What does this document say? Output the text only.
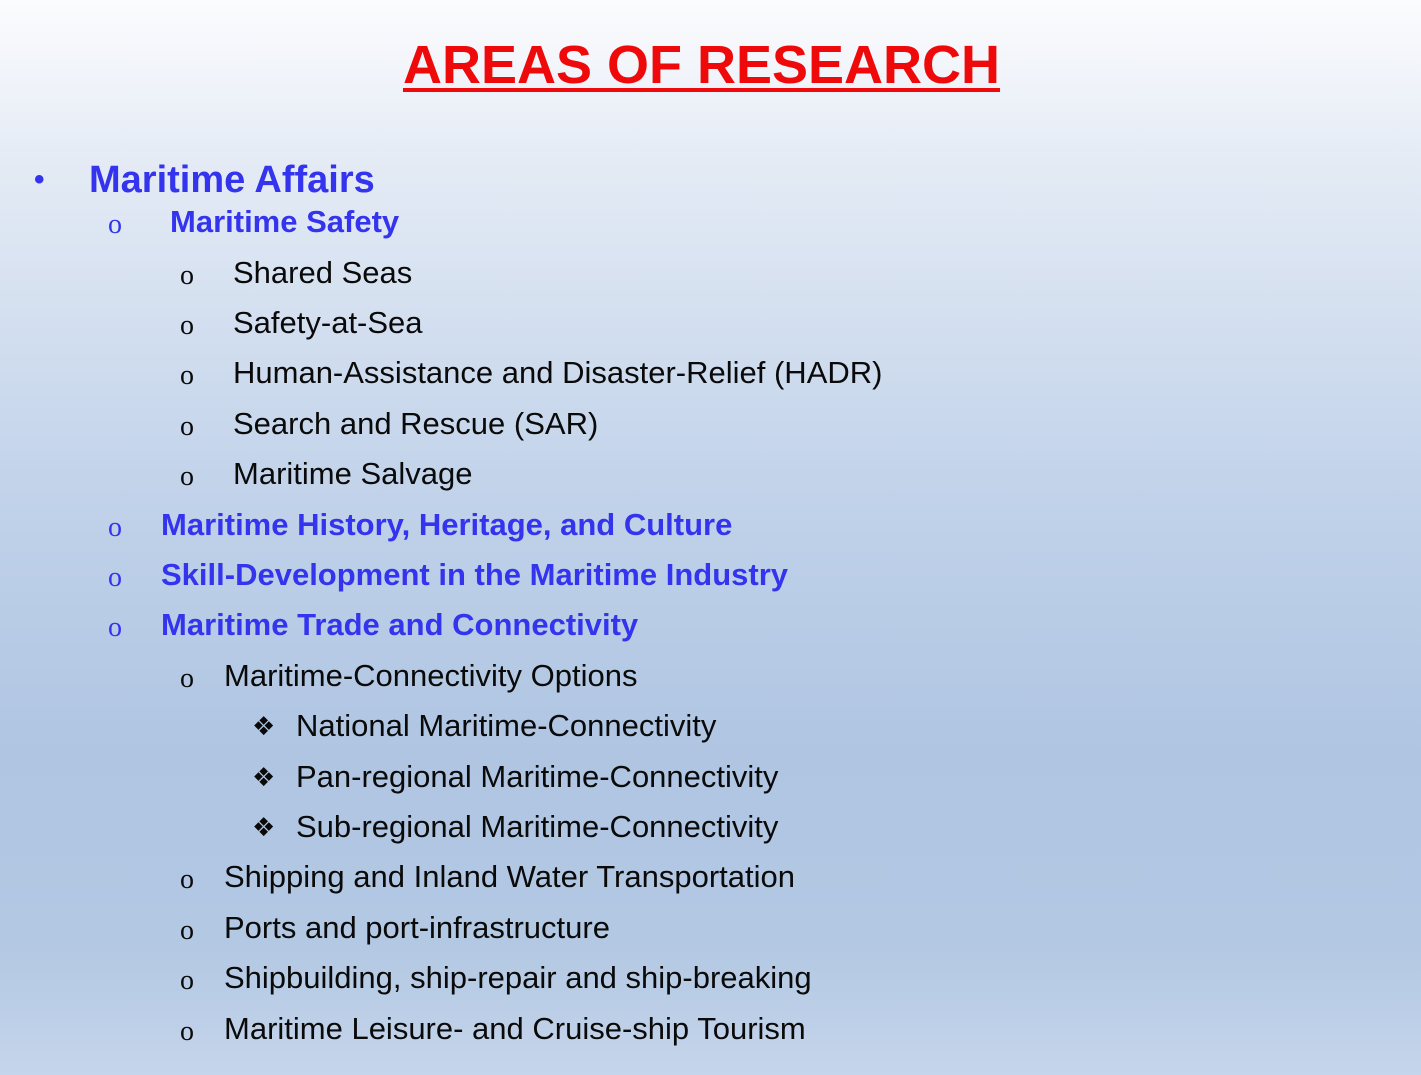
AREAS OF RESEARCH
• Maritime Affairs
o Maritime Safety
o Shared Seas
o Safety-at-Sea
o Human-Assistance and Disaster-Relief (HADR)
o Search and Rescue (SAR)
o Maritime Salvage
o Maritime History, Heritage, and Culture
o Skill-Development in the Maritime Industry
o Maritime Trade and Connectivity
o Maritime-Connectivity Options
❖ National Maritime-Connectivity
❖ Pan-regional Maritime-Connectivity
❖ Sub-regional Maritime-Connectivity
o Shipping and Inland Water Transportation
o Ports and port-infrastructure
o Shipbuilding, ship-repair and ship-breaking
o Maritime Leisure- and Cruise-ship Tourism
